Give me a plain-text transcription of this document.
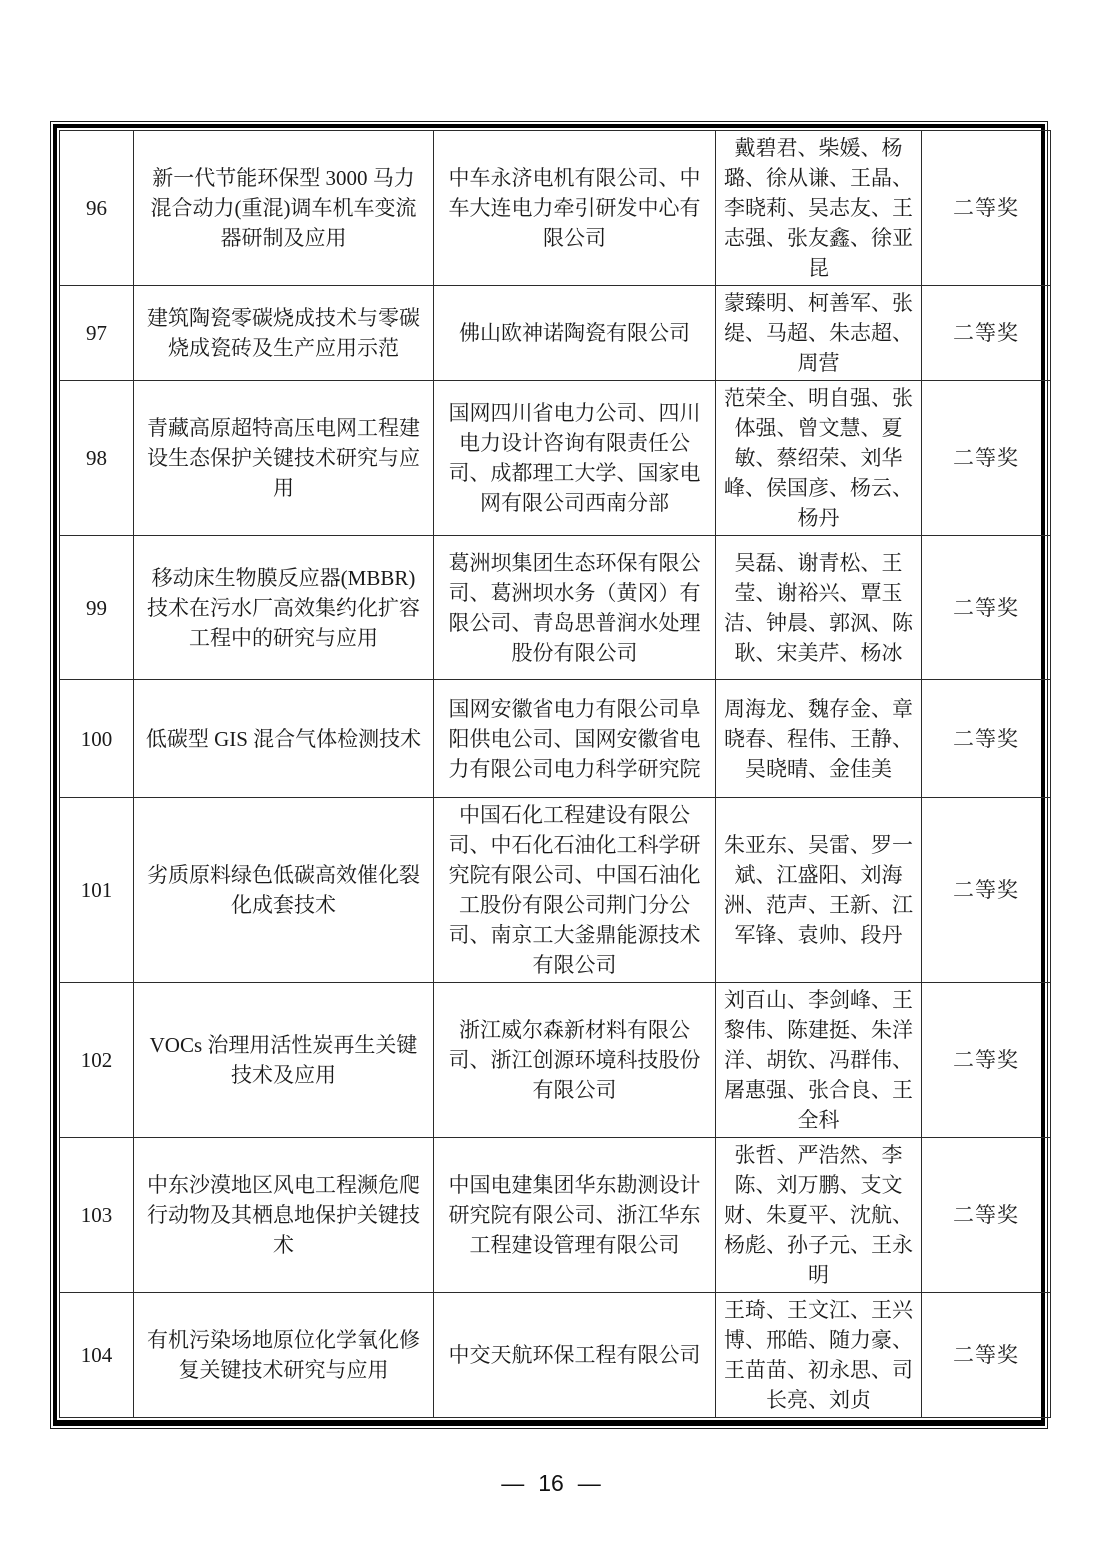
96	新一代节能环保型 3000 马力混合动力(重混)调车机车变流器研制及应用	中车永济电机有限公司、中车大连电力牵引研发中心有限公司	戴碧君、柴媛、杨璐、徐从谦、王晶、李晓莉、吴志友、王志强、张友鑫、徐亚昆	二等奖
97	建筑陶瓷零碳烧成技术与零碳烧成瓷砖及生产应用示范	佛山欧神诺陶瓷有限公司	蒙臻明、柯善军、张缇、马超、朱志超、周营	二等奖
98	青藏高原超特高压电网工程建设生态保护关键技术研究与应用	国网四川省电力公司、四川电力设计咨询有限责任公司、成都理工大学、国家电网有限公司西南分部	范荣全、明自强、张体强、曾文慧、夏敏、蔡绍荣、刘华峰、侯国彦、杨云、杨丹	二等奖
99	移动床生物膜反应器(MBBR)技术在污水厂高效集约化扩容工程中的研究与应用	葛洲坝集团生态环保有限公司、葛洲坝水务（黄冈）有限公司、青岛思普润水处理股份有限公司	吴磊、谢青松、王莹、谢裕兴、覃玉洁、钟晨、郭沨、陈耿、宋美芹、杨冰	二等奖
100	低碳型 GIS 混合气体检测技术	国网安徽省电力有限公司阜阳供电公司、国网安徽省电力有限公司电力科学研究院	周海龙、魏存金、章晓春、程伟、王静、吴晓晴、金佳美	二等奖
101	劣质原料绿色低碳高效催化裂化成套技术	中国石化工程建设有限公司、中石化石油化工科学研究院有限公司、中国石油化工股份有限公司荆门分公司、南京工大釜鼎能源技术有限公司	朱亚东、吴雷、罗一斌、江盛阳、刘海洲、范声、王新、江军锋、袁帅、段丹	二等奖
102	VOCs 治理用活性炭再生关键技术及应用	浙江威尔森新材料有限公司、浙江创源环境科技股份有限公司	刘百山、李剑峰、王黎伟、陈建挺、朱洋洋、胡钦、冯群伟、屠惠强、张合良、王全科	二等奖
103	中东沙漠地区风电工程濒危爬行动物及其栖息地保护关键技术	中国电建集团华东勘测设计研究院有限公司、浙江华东工程建设管理有限公司	张哲、严浩然、李陈、刘万鹏、支文财、朱夏平、沈航、杨彪、孙子元、王永明	二等奖
104	有机污染场地原位化学氧化修复关键技术研究与应用	中交天航环保工程有限公司	王琦、王文江、王兴博、邢皓、随力豪、王苗苗、初永思、司长亮、刘贞	二等奖
— 16 —
